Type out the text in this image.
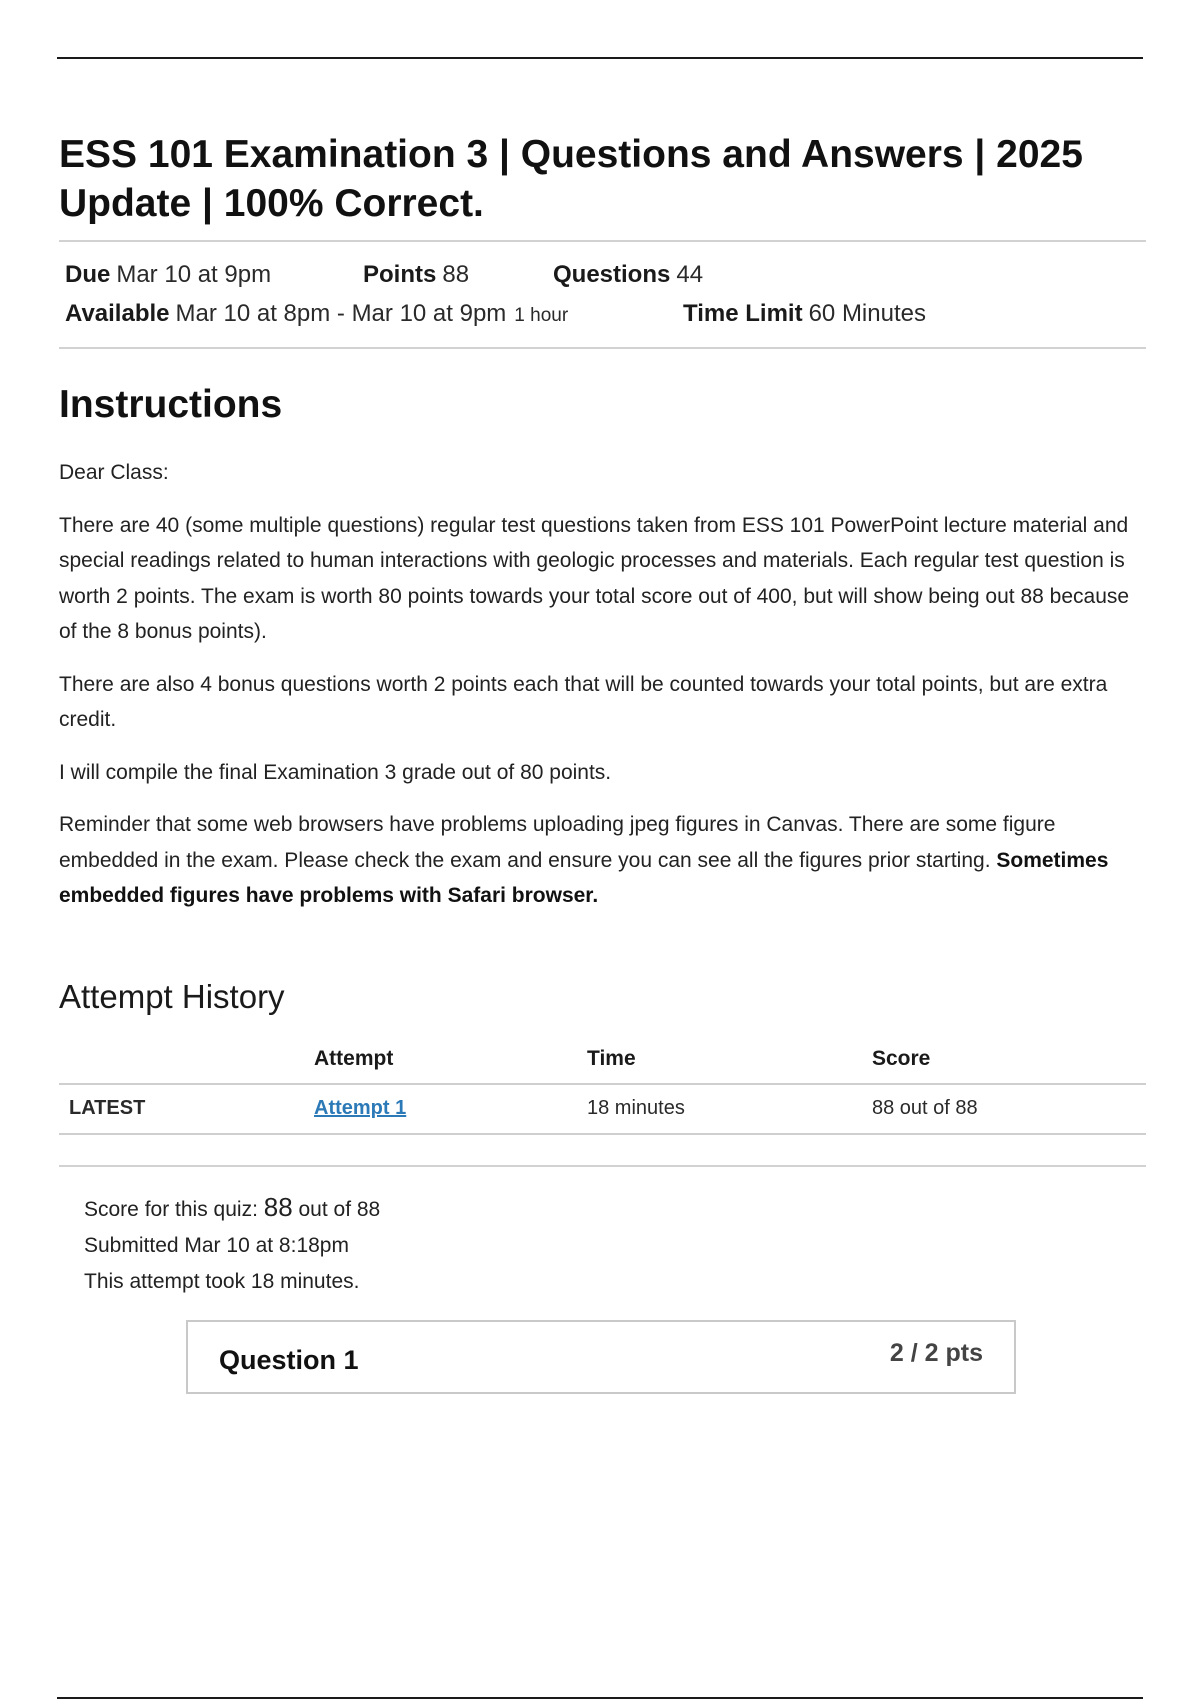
ESS 101 Examination 3 | Questions and Answers | 2025 Update | 100% Correct.
Due Mar 10 at 9pm	Points 88	Questions 44
Available Mar 10 at 8pm - Mar 10 at 9pm 1 hour	Time Limit 60 Minutes
Instructions

Dear Class:

There are 40 (some multiple questions) regular test questions taken from ESS 101 PowerPoint lecture material and special readings related to human interactions with geologic processes and materials. Each regular test question is worth 2 points. The exam is worth 80 points towards your total score out of 400, but will show being out 88 because of the 8 bonus points).

There are also 4 bonus questions worth 2 points each that will be counted towards your total points, but are extra credit.

I will compile the final Examination 3 grade out of 80 points.

Reminder that some web browsers have problems uploading jpeg figures in Canvas. There are some figure embedded in the exam. Please check the exam and ensure you can see all the figures prior starting. Sometimes embedded figures have problems with Safari browser.

Attempt History
	Attempt	Time	Score
LATEST	Attempt 1	18 minutes	88 out of 88
Score for this quiz: 88 out of 88
Submitted Mar 10 at 8:18pm
This attempt took 18 minutes.
Question 1	2 / 2 pts
